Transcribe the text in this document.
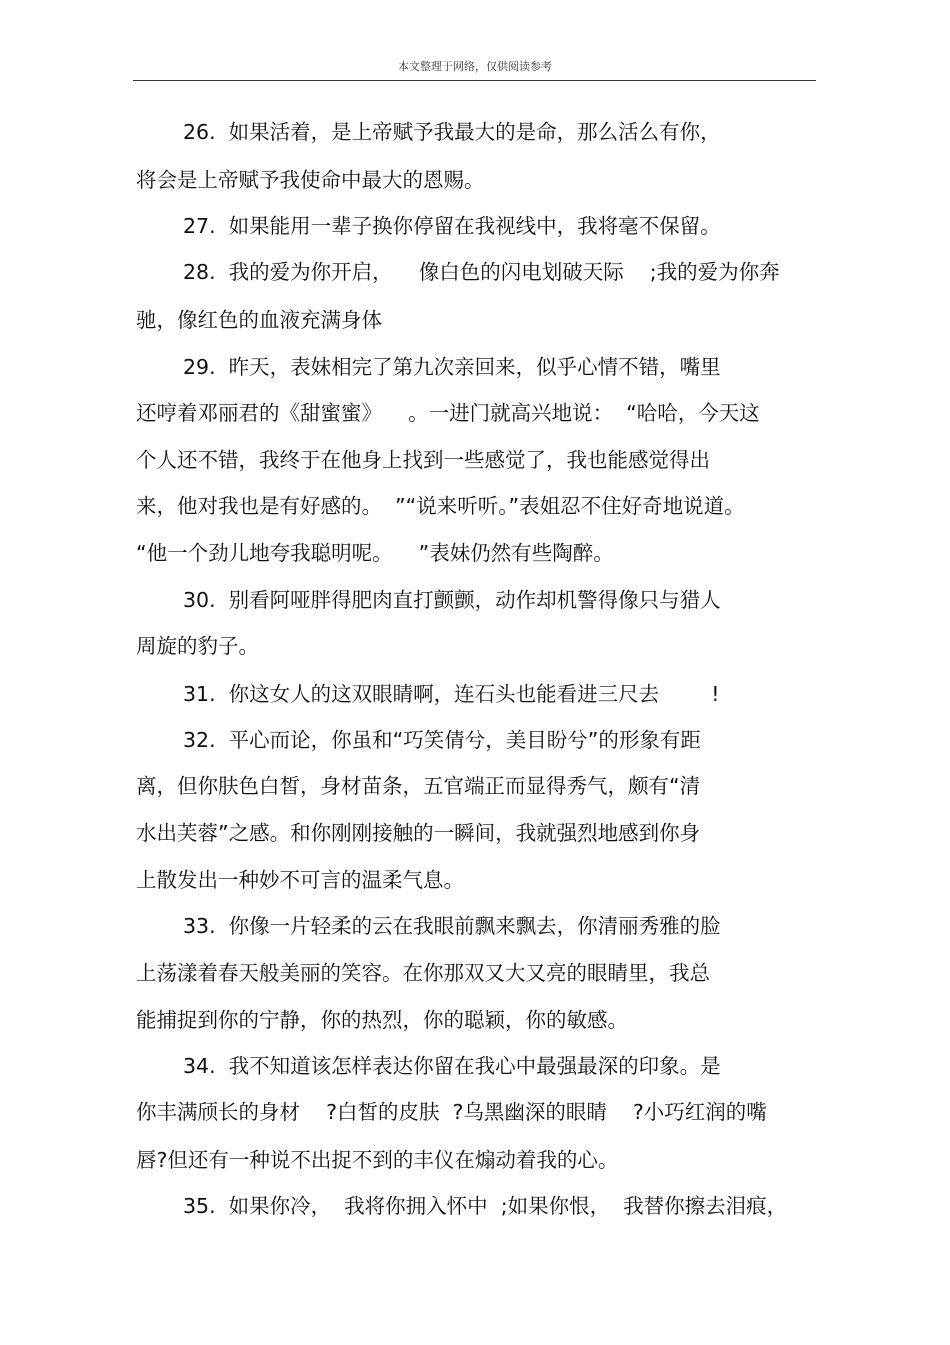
本文整理于网络，仅供阅读参考
26.  如果活着，是上帝赋予我最大的是命，那么活么有你，
将会是上帝赋予我使命中最大的恩赐。
27.  如果能用一辈子换你停留在我视线中，我将毫不保留。
28.  我的爱为你开启，    像白色的闪电划破天际    ;我的爱为你奔
驰，像红色的血液充满身体
29.  昨天，表妹相完了第九次亲回来，似乎心情不错，嘴里
还哼着邓丽君的《甜蜜蜜》    。一进门就高兴地说：  “哈哈，今天这
个人还不错，我终于在他身上找到一些感觉了，我也能感觉得出
来，他对我也是有好感的。  ”“说来听听。”表姐忍不住好奇地说道。
“他一个劲儿地夸我聪明呢。    ”表妹仍然有些陶醉。
30.  别看阿哑胖得肥肉直打颤颤，动作却机警得像只与猎人
周旋的豹子。
31.  你这女人的这双眼睛啊，连石头也能看进三尺去        !
32.  平心而论，你虽和“巧笑倩兮，美目盼兮”的形象有距
离，但你肤色白皙，身材苗条，五官端正而显得秀气，颇有“清
水出芙蓉”之感。和你刚刚接触的一瞬间，我就强烈地感到你身
上散发出一种妙不可言的温柔气息。
33.  你像一片轻柔的云在我眼前飘来飘去，你清丽秀雅的脸
上荡漾着春天般美丽的笑容。在你那双又大又亮的眼睛里，我总
能捕捉到你的宁静，你的热烈，你的聪颖，你的敏感。
34.  我不知道该怎样表达你留在我心中最强最深的印象。是
你丰满颀长的身材    ?白皙的皮肤  ?乌黑幽深的眼睛    ?小巧红润的嘴
唇?但还有一种说不出捉不到的丰仪在煽动着我的心。
35.  如果你冷，  我将你拥入怀中  ;如果你恨，  我替你擦去泪痕，
